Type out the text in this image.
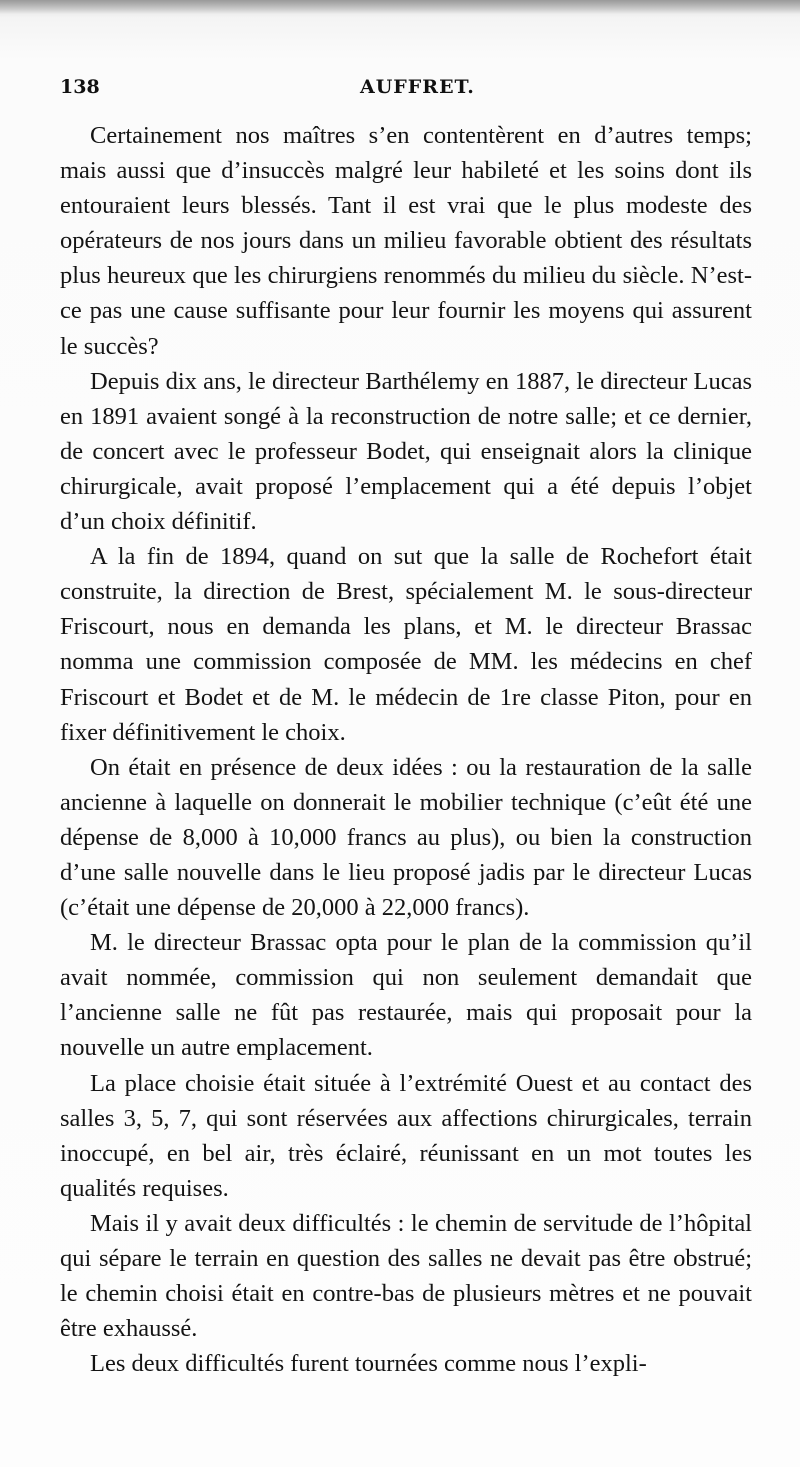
138	AUFFRET.

Certainement nos maîtres s’en contentèrent en d’autres temps; mais aussi que d’insuccès malgré leur habileté et les soins dont ils entouraient leurs blessés. Tant il est vrai que le plus modeste des opérateurs de nos jours dans un milieu favorable obtient des résultats plus heureux que les chirurgiens renommés du milieu du siècle. N’est-ce pas une cause suffisante pour leur fournir les moyens qui assurent le succès?

Depuis dix ans, le directeur Barthélemy en 1887, le directeur Lucas en 1891 avaient songé à la reconstruction de notre salle; et ce dernier, de concert avec le professeur Bodet, qui enseignait alors la clinique chirurgicale, avait proposé l’emplacement qui a été depuis l’objet d’un choix définitif.

A la fin de 1894, quand on sut que la salle de Rochefort était construite, la direction de Brest, spécialement M. le sous-directeur Friscourt, nous en demanda les plans, et M. le directeur Brassac nomma une commission composée de MM. les médecins en chef Friscourt et Bodet et de M. le médecin de 1re classe Piton, pour en fixer définitivement le choix.

On était en présence de deux idées : ou la restauration de la salle ancienne à laquelle on donnerait le mobilier technique (c’eût été une dépense de 8,000 à 10,000 francs au plus), ou bien la construction d’une salle nouvelle dans le lieu proposé jadis par le directeur Lucas (c’était une dépense de 20,000 à 22,000 francs).

M. le directeur Brassac opta pour le plan de la commission qu’il avait nommée, commission qui non seulement demandait que l’ancienne salle ne fût pas restaurée, mais qui proposait pour la nouvelle un autre emplacement.

La place choisie était située à l’extrémité Ouest et au contact des salles 3, 5, 7, qui sont réservées aux affections chirurgicales, terrain inoccupé, en bel air, très éclairé, réunissant en un mot toutes les qualités requises.

Mais il y avait deux difficultés : le chemin de servitude de l’hôpital qui sépare le terrain en question des salles ne devait pas être obstrué; le chemin choisi était en contre-bas de plusieurs mètres et ne pouvait être exhaussé.

Les deux difficultés furent tournées comme nous l’expli-
